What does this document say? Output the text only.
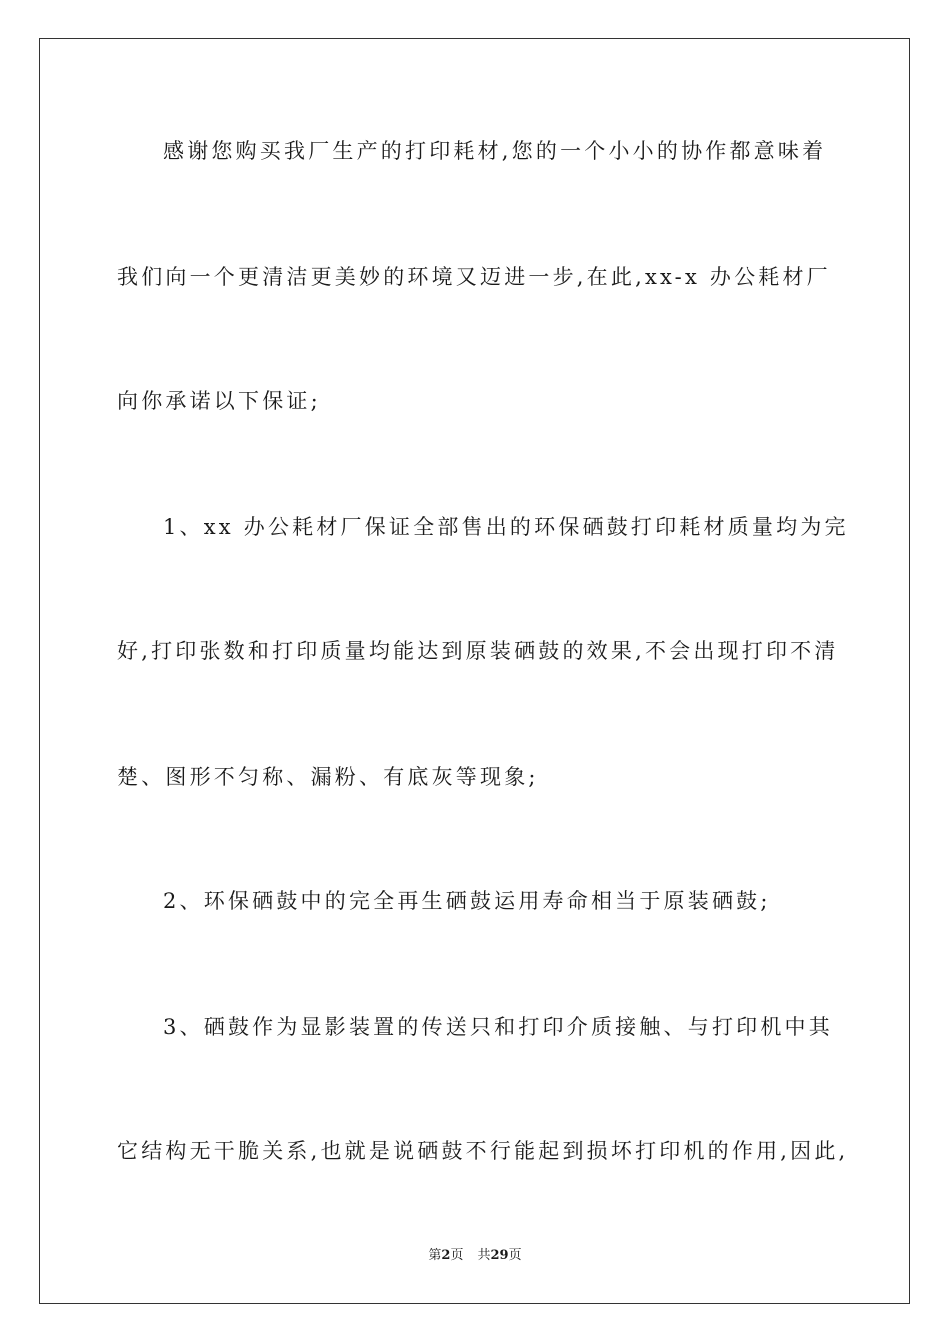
感谢您购买我厂生产的打印耗材,您的一个小小的协作都意味着
我们向一个更清洁更美妙的环境又迈进一步,在此,xx-x 办公耗材厂
向你承诺以下保证;
1、xx 办公耗材厂保证全部售出的环保硒鼓打印耗材质量均为完
好,打印张数和打印质量均能达到原装硒鼓的效果,不会出现打印不清
楚、图形不匀称、漏粉、有底灰等现象;
2、环保硒鼓中的完全再生硒鼓运用寿命相当于原装硒鼓;
3、硒鼓作为显影装置的传送只和打印介质接触、与打印机中其
它结构无干脆关系,也就是说硒鼓不行能起到损坏打印机的作用,因此,
第2页 共29页
